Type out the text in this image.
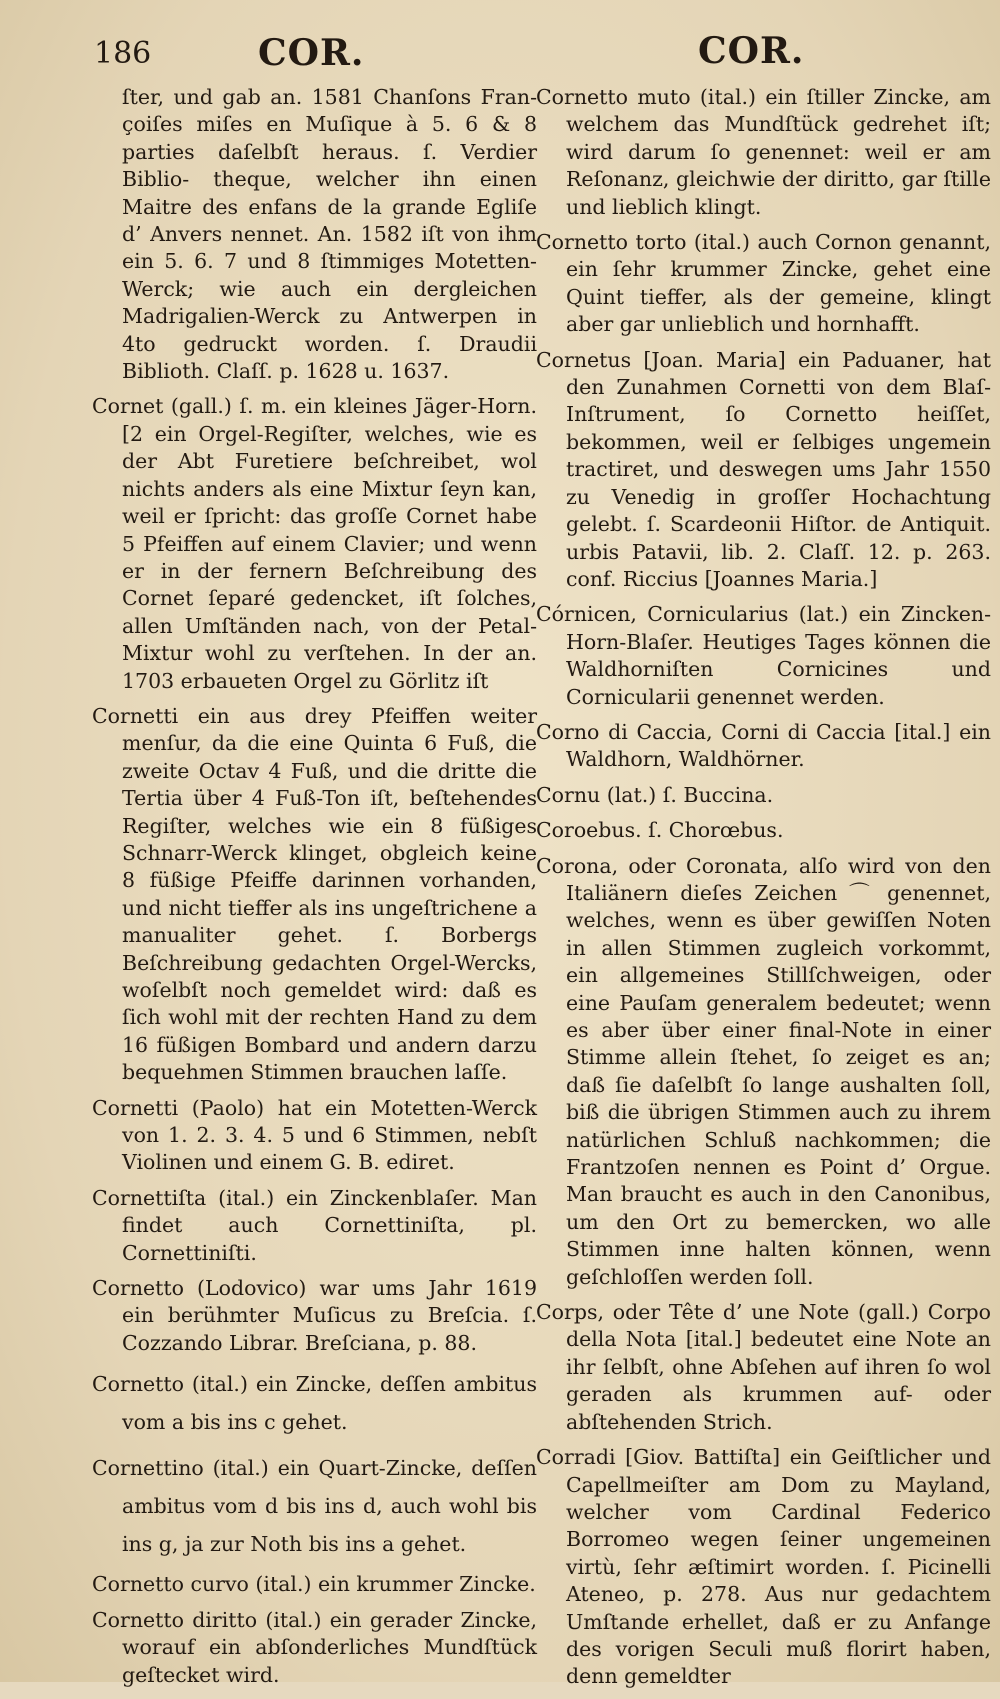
186	COR.	COR.

ſter, und gab an. 1581 Chanſons Fran- çoiſes miſes en Muſique à 5. 6 & 8 parties daſelbſt heraus. ſ. Verdier Biblio- theque, welcher ihn einen Maitre des enfans de la grande Egliſe d’ Anvers nennet. An. 1582 iſt von ihm ein 5. 6. 7 und 8 ſtimmiges Motetten-Werck; wie auch ein dergleichen Madrigalien-Werck zu Antwerpen in 4to gedruckt worden. ſ. Draudii Biblioth. Claſſ. p. 1628 u. 1637.

Cornet (gall.) ſ. m. ein kleines Jäger-Horn. [2 ein Orgel-Regiſter, welches, wie es der Abt Furetiere beſchreibet, wol nichts anders als eine Mixtur ſeyn kan, weil er ſpricht: das groſſe Cornet habe 5 Pfeiffen auf einem Clavier; und wenn er in der fernern Beſchreibung des Cornet ſeparé gedencket, iſt ſolches, allen Umſtänden nach, von der Petal-Mixtur wohl zu verſtehen. In der an. 1703 erbaueten Orgel zu Görlitz iſt

Cornetti ein aus drey Pfeiffen weiter menſur, da die eine Quinta 6 Fuß, die zweite Octav 4 Fuß, und die dritte die Tertia über 4 Fuß-Ton iſt, beſtehendes Regiſter, welches wie ein 8 füßiges Schnarr-Werck klinget, obgleich keine 8 füßige Pfeiffe darinnen vorhanden, und nicht tieffer als ins ungeſtrichene a manualiter gehet. ſ. Borbergs Beſchreibung gedachten Orgel-Wercks, woſelbſt noch gemeldet wird: daß es ſich wohl mit der rechten Hand zu dem 16 füßigen Bombard und andern darzu bequehmen Stimmen brauchen laſſe.

Cornetti (Paolo) hat ein Motetten-Werck von 1. 2. 3. 4. 5 und 6 Stimmen, nebſt Violinen und einem G. B. ediret.

Cornettiſta (ital.) ein Zinckenblaſer. Man findet auch Cornettiniſta, pl. Cornettiniſti.

Cornetto (Lodovico) war ums Jahr 1619 ein berühmter Muſicus zu Breſcia. ſ. Cozzando Librar. Breſciana, p. 88.

Cornetto (ital.) ein Zincke, deſſen ambitus vom a bis ins c gehet.

Cornettino (ital.) ein Quart-Zincke, deſſen ambitus vom d bis ins d, auch wohl bis ins g, ja zur Noth bis ins a gehet.

Cornetto curvo (ital.) ein krummer Zincke.

Cornetto diritto (ital.) ein gerader Zincke, worauf ein abſonderliches Mundſtück geſtecket wird.

Cornetto muto (ital.) ein ſtiller Zincke, am welchem das Mundſtück gedrehet iſt; wird darum ſo genennet: weil er am Reſonanz, gleichwie der diritto, gar ſtille und lieblich klingt.

Cornetto torto (ital.) auch Cornon genannt, ein ſehr krummer Zincke, gehet eine Quint tieffer, als der gemeine, klingt aber gar unlieblich und hornhafft.

Cornetus [Joan. Maria] ein Paduaner, hat den Zunahmen Cornetti von dem Blaſ-Inſtrument, ſo Cornetto heiſſet, bekommen, weil er ſelbiges ungemein tractiret, und deswegen ums Jahr 1550 zu Venedig in groſſer Hochachtung gelebt. ſ. Scardeonii Hiſtor. de Antiquit. urbis Patavii, lib. 2. Claſſ. 12. p. 263. conf. Riccius [Joannes Maria.]

Córnicen, Cornicularius (lat.) ein Zincken-Horn-Blaſer. Heutiges Tages können die Waldhorniſten Cornicines und Cornicularii genennet werden.

Corno di Caccia, Corni di Caccia [ital.] ein Waldhorn, Waldhörner.

Cornu (lat.) ſ. Buccina.

Coroebus. ſ. Chorœbus.

Corona, oder Coronata, alſo wird von den Italiänern dieſes Zeichen ⌒ genennet, welches, wenn es über gewiſſen Noten in allen Stimmen zugleich vorkommt, ein allgemeines Stillſchweigen, oder eine Pauſam generalem bedeutet; wenn es aber über einer final-Note in einer Stimme allein ſtehet, ſo zeiget es an; daß ſie daſelbſt ſo lange aushalten ſoll, biß die übrigen Stimmen auch zu ihrem natürlichen Schluß nachkommen; die Frantzoſen nennen es Point d’ Orgue. Man braucht es auch in den Canonibus, um den Ort zu bemercken, wo alle Stimmen inne halten können, wenn geſchloſſen werden ſoll.

Corps, oder Tête d’ une Note (gall.) Corpo della Nota [ital.] bedeutet eine Note an ihr ſelbſt, ohne Abſehen auf ihren ſo wol geraden als krummen auf- oder abſtehenden Strich.

Corradi [Giov. Battiſta] ein Geiſtlicher und Capellmeiſter am Dom zu Mayland, welcher vom Cardinal Federico Borromeo wegen ſeiner ungemeinen virtù, ſehr æſtimirt worden. ſ. Picinelli Ateneo, p. 278. Aus nur gedachtem Umſtande erhellet, daß er zu Anfange des vorigen Seculi muß florirt haben, denn gemeldter
